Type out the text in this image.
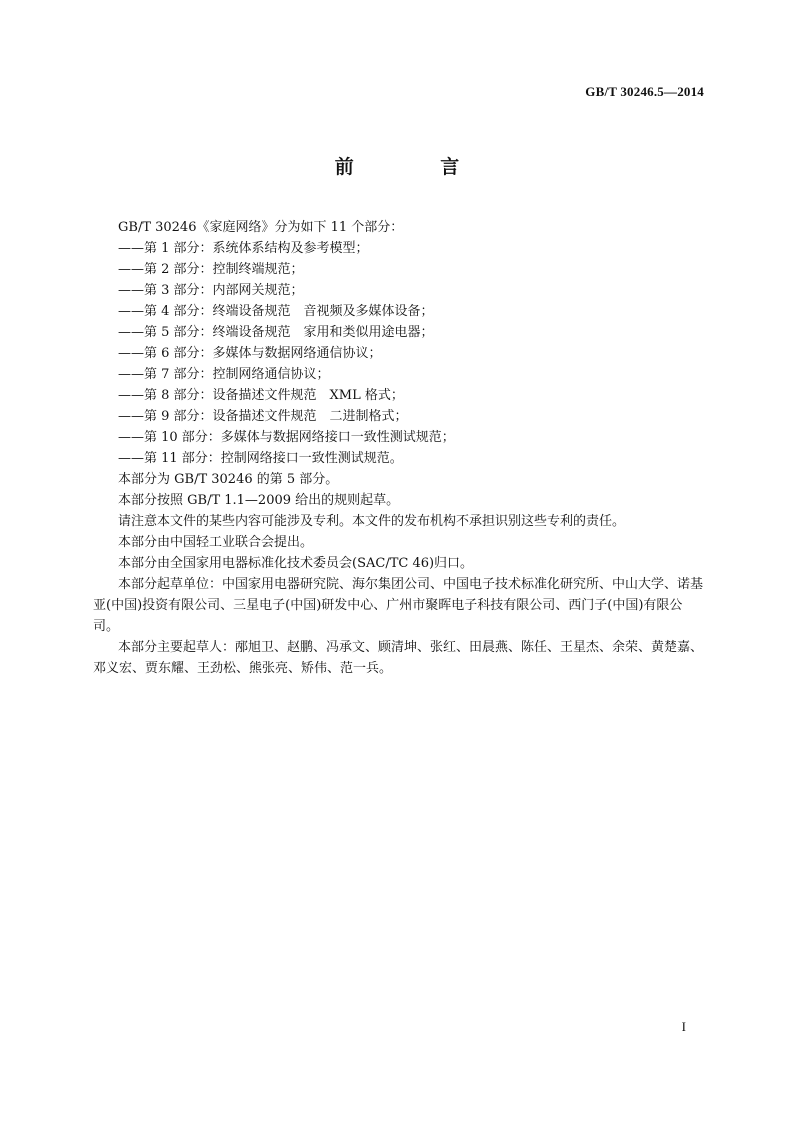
GB/T 30246.5—2014
前 言

GB/T 30246《家庭网络》分为如下 11 个部分：

——第 1 部分：系统体系结构及参考模型；

——第 2 部分：控制终端规范；

——第 3 部分：内部网关规范；

——第 4 部分：终端设备规范　音视频及多媒体设备；

——第 5 部分：终端设备规范　家用和类似用途电器；

——第 6 部分：多媒体与数据网络通信协议；

——第 7 部分：控制网络通信协议；

——第 8 部分：设备描述文件规范　XML 格式；

——第 9 部分：设备描述文件规范　二进制格式；

——第 10 部分：多媒体与数据网络接口一致性测试规范；

——第 11 部分：控制网络接口一致性测试规范。

本部分为 GB/T 30246 的第 5 部分。

本部分按照 GB/T 1.1—2009 给出的规则起草。

请注意本文件的某些内容可能涉及专利。本文件的发布机构不承担识别这些专利的责任。

本部分由中国轻工业联合会提出。

本部分由全国家用电器标准化技术委员会(SAC/TC 46)归口。

本部分起草单位：中国家用电器研究院、海尔集团公司、中国电子技术标准化研究所、中山大学、诺基亚(中国)投资有限公司、三星电子(中国)研发中心、广州市聚晖电子科技有限公司、西门子(中国)有限公司。

本部分主要起草人：邴旭卫、赵鹏、冯承文、顾清坤、张红、田晨燕、陈任、王星杰、余荣、黄楚嘉、邓义宏、贾东耀、王劲松、熊张亮、矫伟、范一兵。

I
